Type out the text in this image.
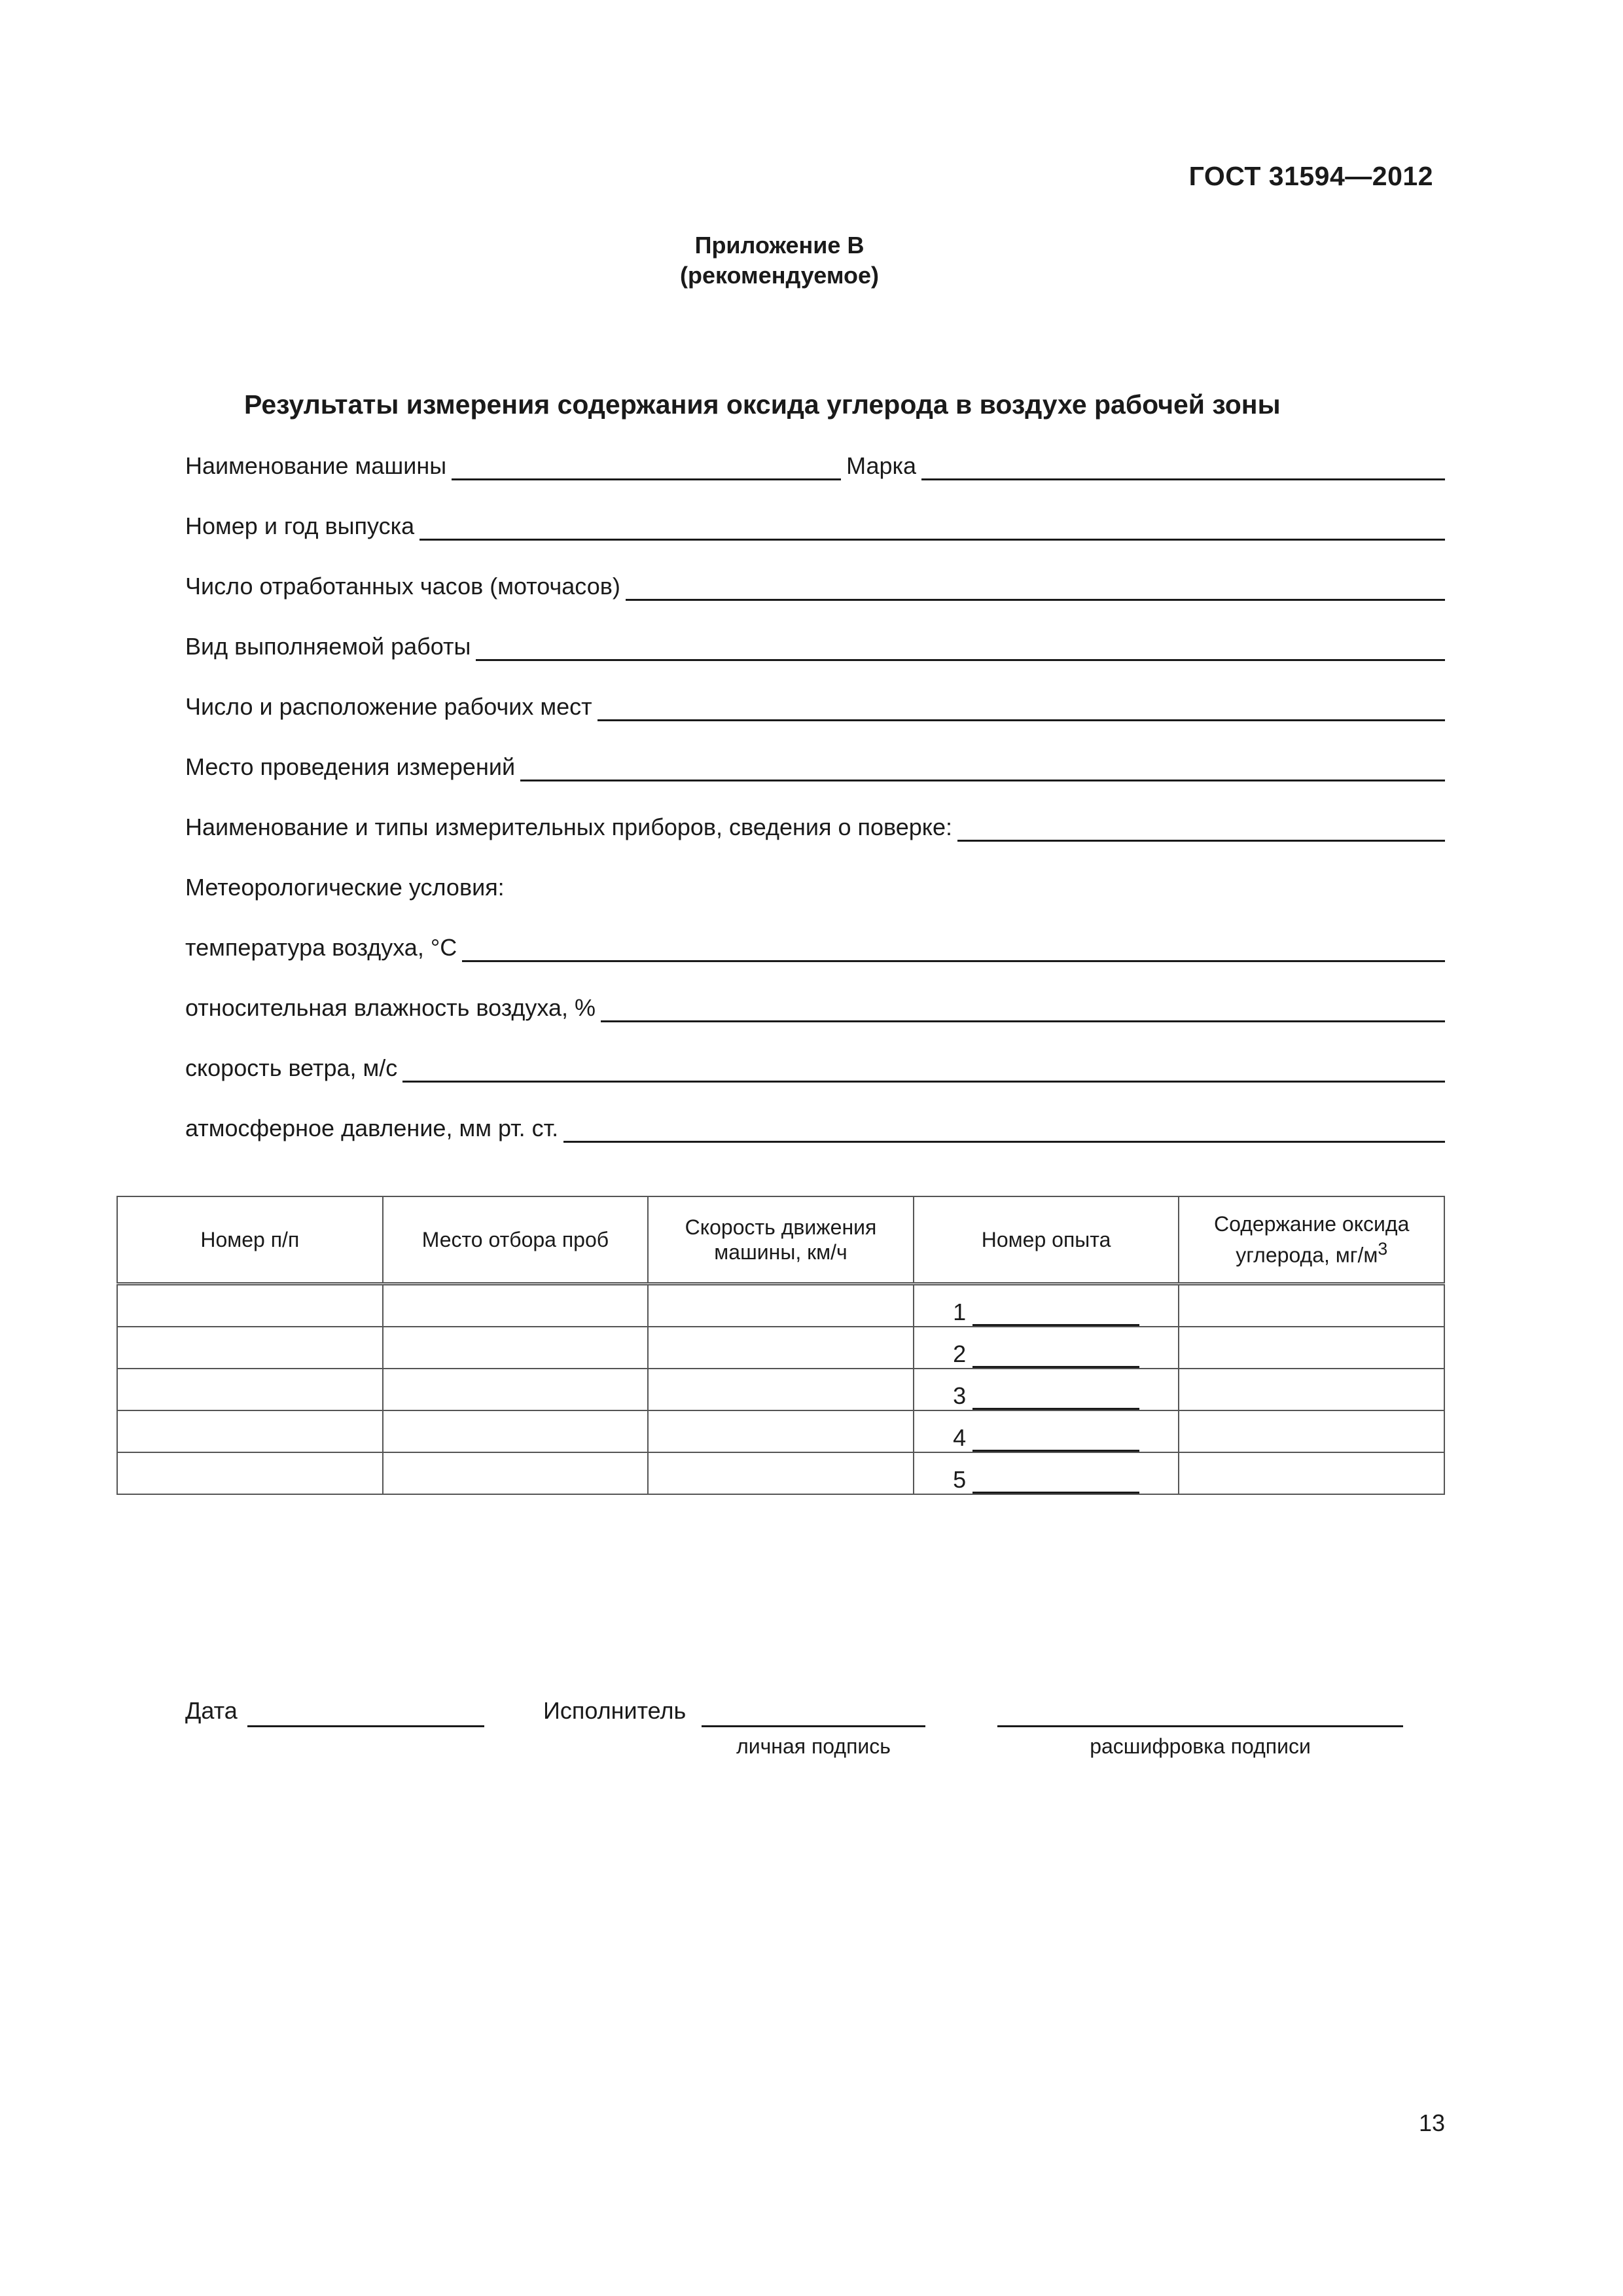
ГОСТ 31594—2012
Приложение В
(рекомендуемое)
Результаты измерения содержания оксида углерода в воздухе рабочей зоны
Наименование машины	Марка
Номер и год выпуска
Число отработанных часов (моточасов)
Вид выполняемой работы
Число и расположение рабочих мест
Место проведения измерений
Наименование и типы измерительных приборов, сведения о поверке:
Метеорологические условия:
температура воздуха, °С
относительная влажность воздуха, %
скорость ветра, м/с
атмосферное давление, мм рт. ст.
Номер п/п	Место отбора проб	Скорость движения машины, км/ч	Номер опыта	Содержание оксида углерода, $мг/м^3$

			1	

			2	

			3	

			4	

			5	

Дата	Исполнитель
личная подпись	расшифровка подписи
13
